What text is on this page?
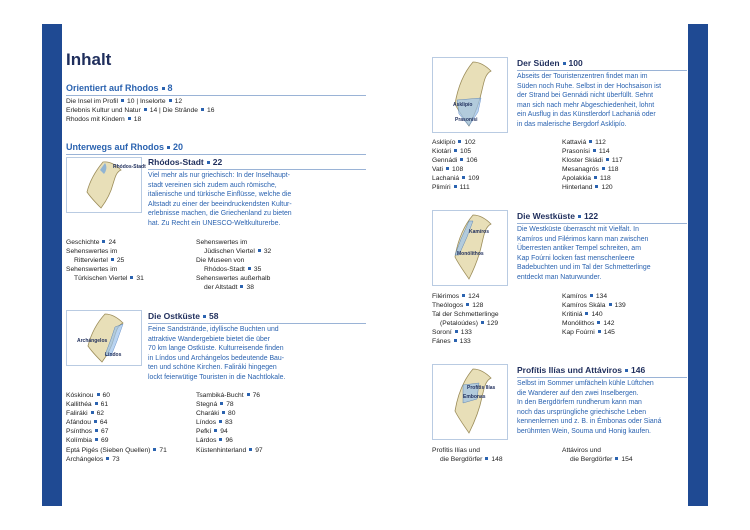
Inhalt
Orientiert auf Rhodos 8
Die Insel im Profil 10 | Inselorte 12
Erlebnis Kultur und Natur 14 | Die Strände 16
Rhodos mit Kindern 18
Unterwegs auf Rhodos 20
Rhódos-Stadt Rhódos-Stadt 22
Viel mehr als nur griechisch: In der Inselhaupt-
stadt vereinen sich zudem auch römische,
italienische und türkische Einflüsse, welche die
Altstadt zu einer der beeindruckendsten Kultur-
erlebnisse machen, die Griechenland zu bieten
hat. Zu Recht ein UNESCO-Weltkulturerbe.
Geschichte 24
Sehenswertes im
Ritterviertel 25
Sehenswertes im
Türkischen Viertel 31
Sehenswertes im
Jüdischen Viertel 32
Die Museen von
Rhódos-Stadt 35
Sehenswertes außerhalb
der Altstadt 38
Archángelos
Líndos
Die Ostküste 58
Feine Sandstrände, idyllische Buchten und
attraktive Wandergebiete bietet die über
70 km lange Ostküste. Kulturreisende finden
in Líndos und Archángelos bedeutende Bau-
ten und schöne Kirchen. Faliráki hingegen
lockt feierwütige Touristen in die Nachtlokale.
Kóskinou 60
Kallithéa 61
Faliráki 62
Afándou 64
Psínthos 67
Kolímbia 69
Eptá Pigés (Sieben Quellen) 71
Archángelos 73
Tsambiká-Bucht 76
Stegná 78
Charáki 80
Líndos 83
Pefkí 94
Lárdos 96
Küstenhinterland 97
Asklipío
Prasonísi
Der Süden 100
Abseits der Touristenzentren findet man im
Süden noch Ruhe. Selbst in der Hochsaison ist
der Strand bei Gennádi nicht überfüllt. Sehnt
man sich nach mehr Abgeschiedenheit, lohnt
ein Ausflug in das Künstlerdorf Lachaniá oder
in das malerische Bergdorf Asklipío.
Asklipío 102
Kiotári 105
Gennádi 106
Vati 108
Lachaniá 109
Plimíri 111
Kattaviá 112
Prasonísi 114
Kloster Skiádi 117
Mesanagrós 118
Apolakkia 118
Hinterland 120
Kamíros
Monólithos
Die Westküste 122
Die Westküste überrascht mit Vielfalt. In
Kamíros und Filérimos kann man zwischen
Überresten antiker Tempel schreiten, am
Kap Foúrni locken fast menschenleere
Badebuchten und im Tal der Schmetterlinge
entdeckt man Naturwunder.
Filérimos 124
Theólogos 128
Tal der Schmetterlinge
(Petaloúdes) 129
Soroní 133
Fánes 133
Kamíros 134
Kamíros Skála 139
Kritiniá 140
Monólithos 142
Kap Foúrni 145
Profítis Ilías
Embonas
Profítis Ilías und Attáviros 146
Selbst im Sommer umfächeln kühle Lüftchen
die Wanderer auf den zwei Inselbergen.
In den Bergdörfern rundherum kann man
noch das ursprüngliche griechische Leben
kennenlernen und z. B. in Émbonas oder Sianá
berühmten Wein, Souma und Honig kaufen.
Profítis Ilías und
die Bergdörfer 148
Attáviros und
die Bergdörfer 154
